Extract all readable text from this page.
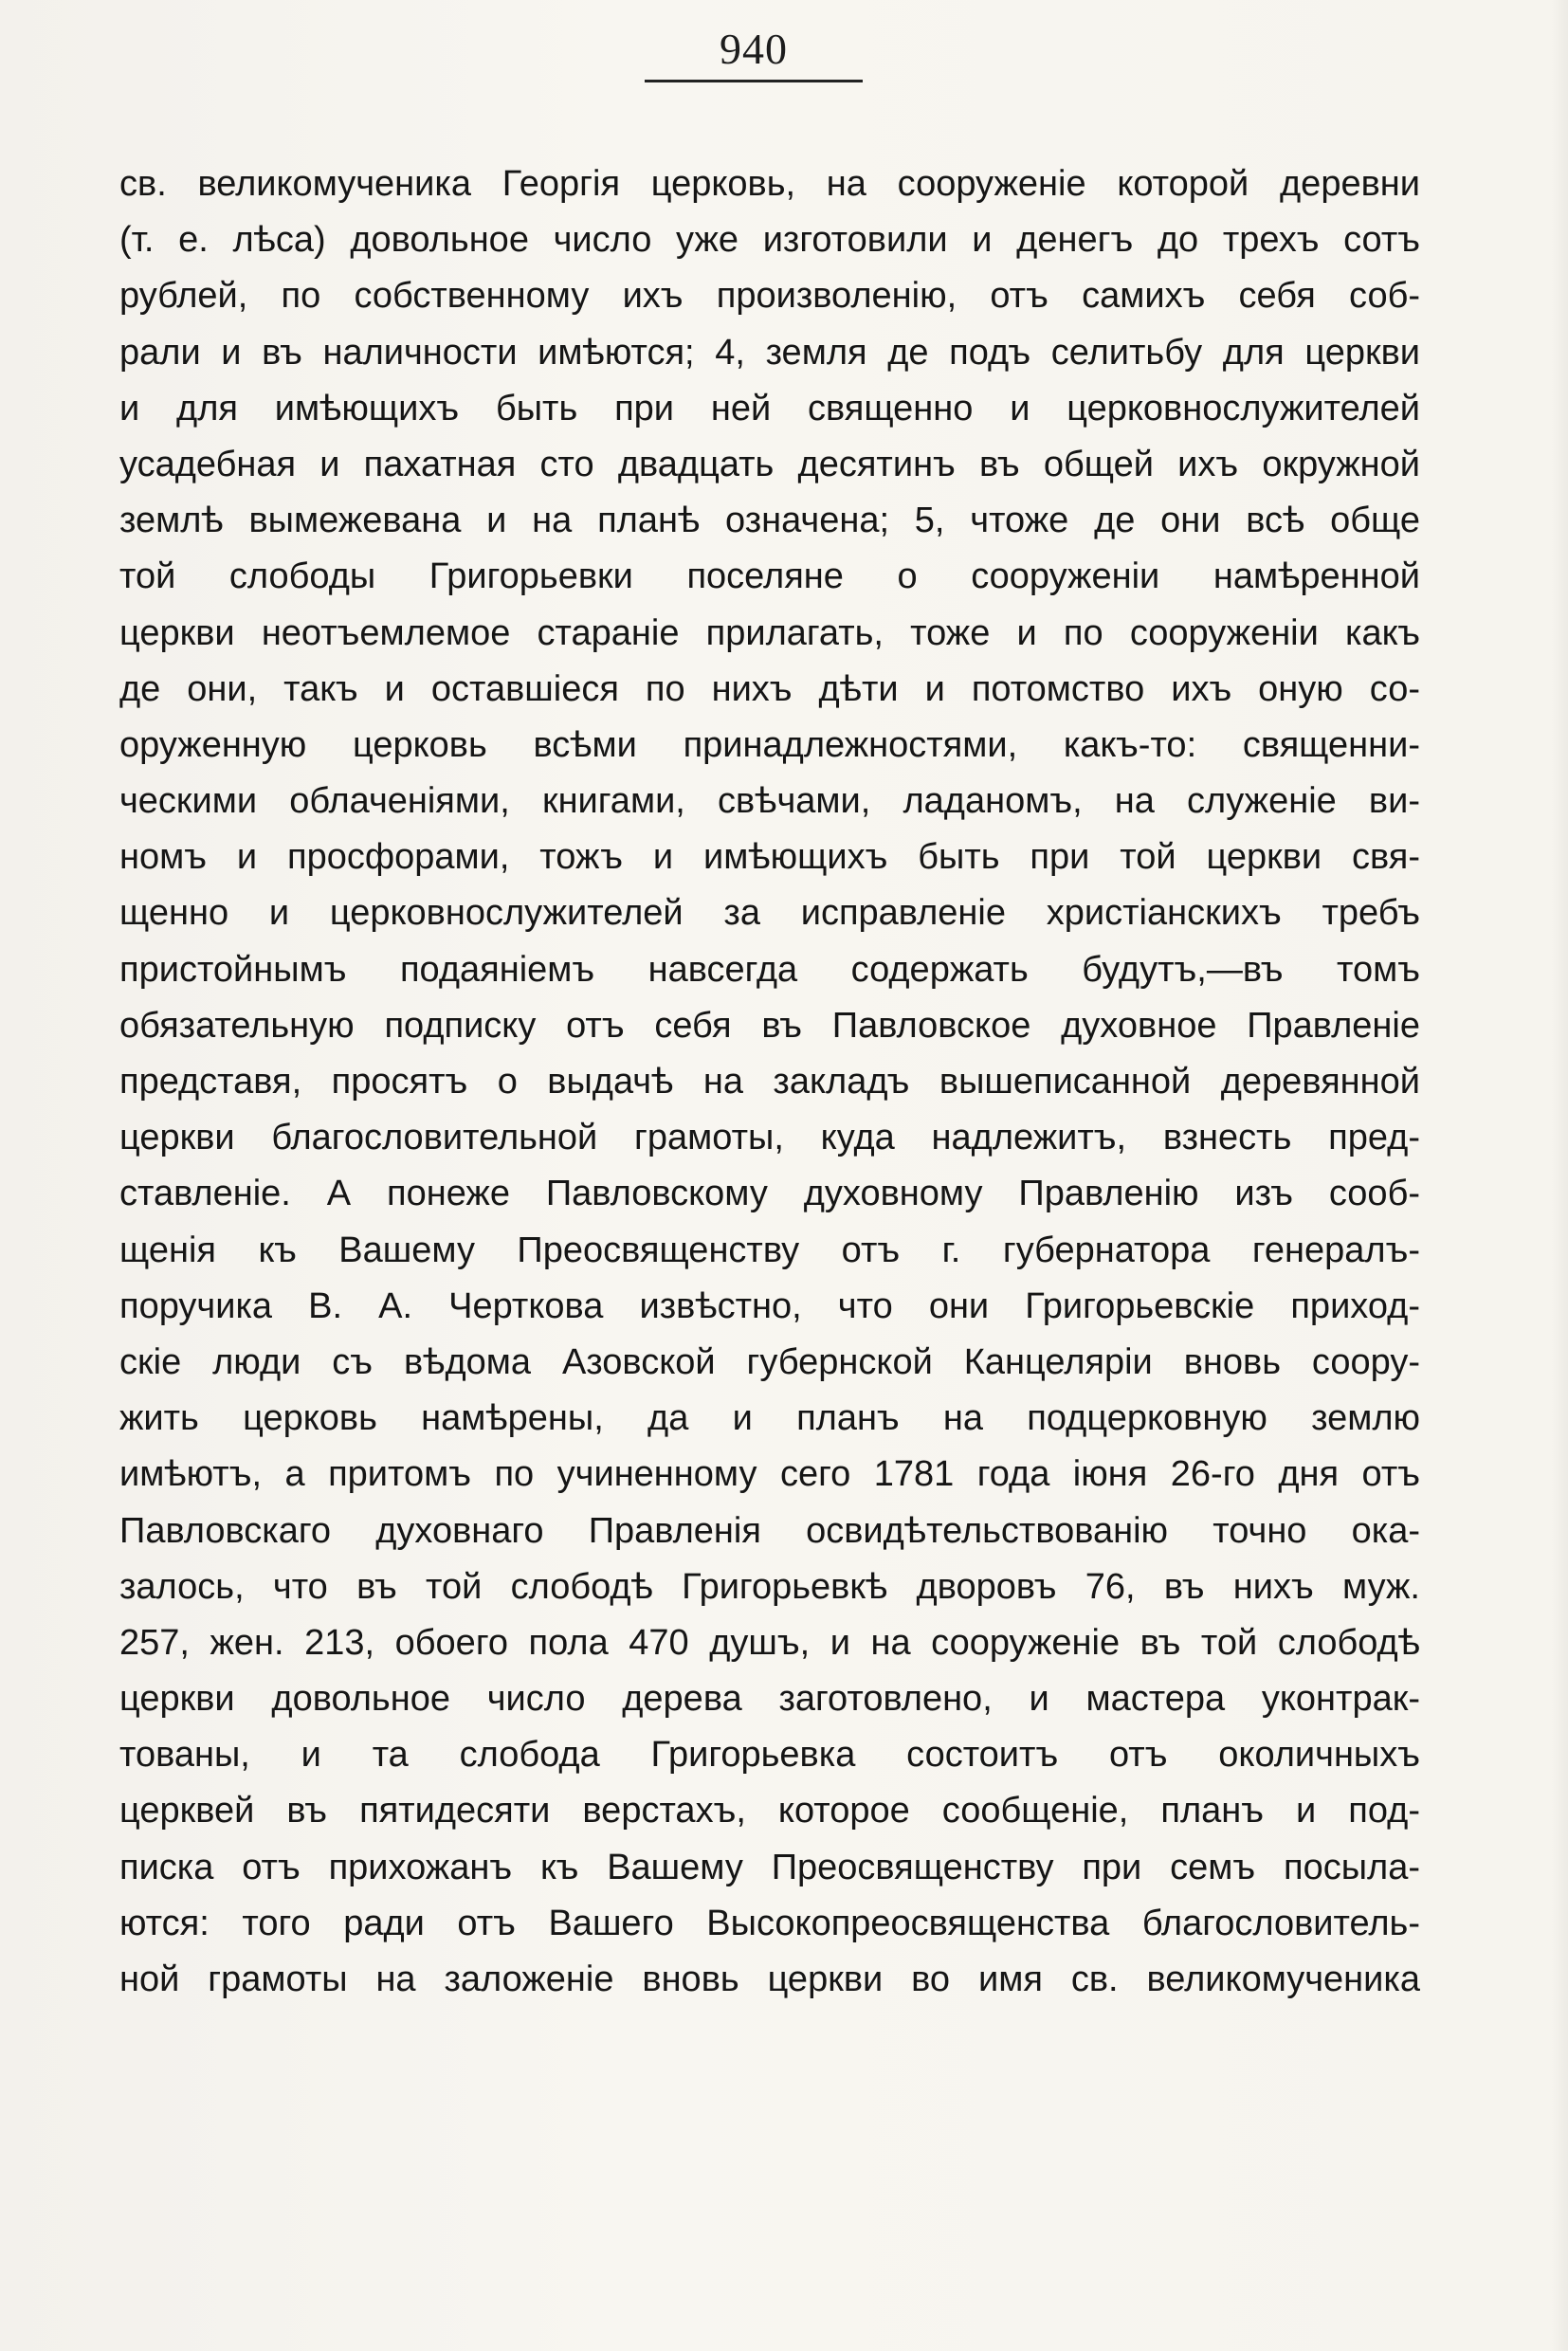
940
св. великомученика Георгія церковь, на сооруженіе которой деревни
(т. е. лѣса) довольное число уже изготовили и денегъ до трехъ сотъ
рублей, по собственному ихъ произволенію, отъ самихъ себя соб-
рали и въ наличности имѣются; 4, земля де подъ селитьбу для церкви
и для имѣющихъ быть при ней священно и церковнослужителей
усадебная и пахатная сто двадцать десятинъ въ общей ихъ окружной
землѣ вымежевана и на планѣ означена; 5, чтоже де они всѣ обще
той слободы Григорьевки поселяне о сооруженіи намѣренной
церкви неотъемлемое стараніе прилагать, тоже и по сооруженіи какъ
де они, такъ и оставшіеся по нихъ дѣти и потомство ихъ оную со-
оруженную церковь всѣми принадлежностями, какъ-то: священни-
ческими облаченіями, книгами, свѣчами, ладаномъ, на служеніе ви-
номъ и просфорами, тожъ и имѣющихъ быть при той церкви свя-
щенно и церковнослужителей за исправленіе христіанскихъ требъ
пристойнымъ подаяніемъ навсегда содержать будутъ,—въ томъ
обязательную подписку отъ себя въ Павловское духовное Правленіе
представя, просятъ о выдачѣ на закладъ вышеписанной деревянной
церкви благословительной грамоты, куда надлежитъ, взнесть пред-
ставленіе. А понеже Павловскому духовному Правленію изъ сооб-
щенія къ Вашему Преосвященству отъ г. губернатора генералъ-
поручика В. А. Черткова извѣстно, что они Григорьевскіе приход-
скіе люди съ вѣдома Азовской губернской Канцеляріи вновь соору-
жить церковь намѣрены, да и планъ на подцерковную землю
имѣютъ, а притомъ по учиненному сего 1781 года іюня 26-го дня отъ
Павловскаго духовнаго Правленія освидѣтельствованію точно ока-
залось, что въ той слободѣ Григорьевкѣ дворовъ 76, въ нихъ муж.
257, жен. 213, обоего пола 470 душъ, и на сооруженіе въ той слободѣ
церкви довольное число дерева заготовлено, и мастера уконтрак-
тованы, и та слобода Григорьевка состоитъ отъ околичныхъ
церквей въ пятидесяти верстахъ, которое сообщеніе, планъ и под-
писка отъ прихожанъ къ Вашему Преосвященству при семъ посыла-
ются: того ради отъ Вашего Высокопреосвященства благословитель-
ной грамоты на заложеніе вновь церкви во имя св. великомученика
